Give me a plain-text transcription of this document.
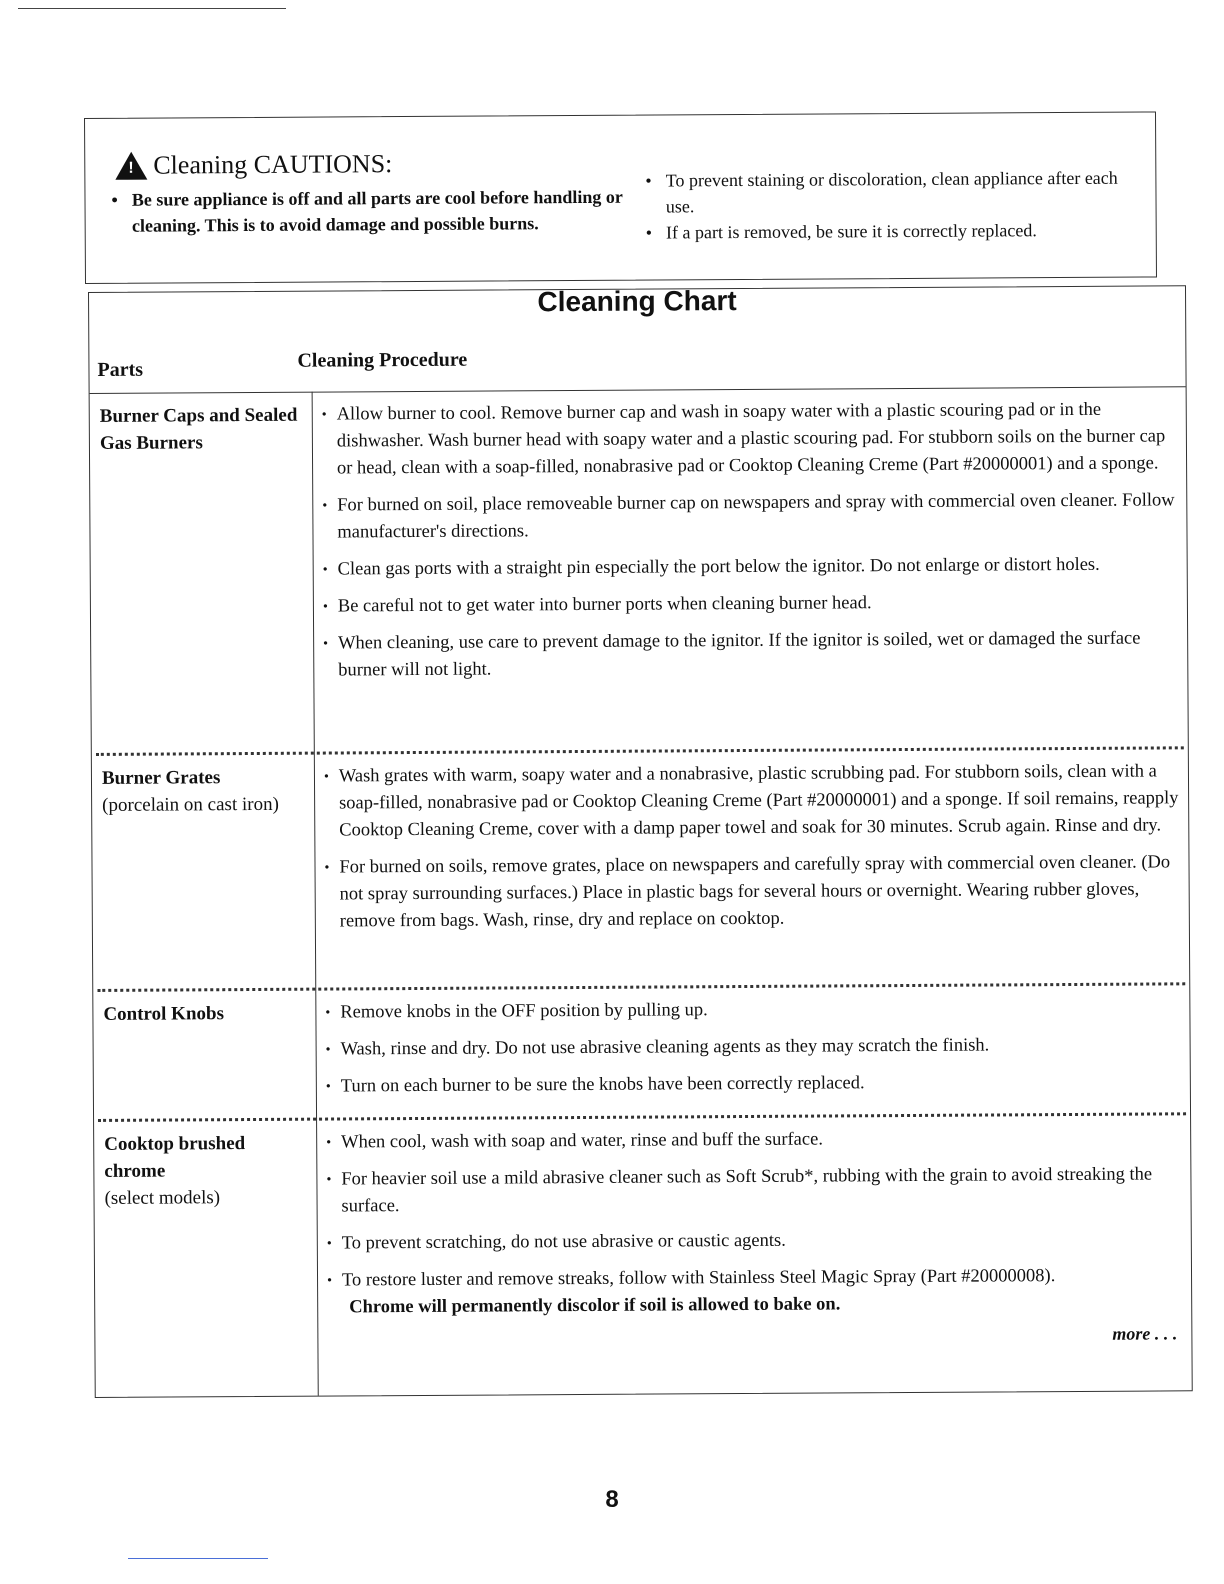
!
Cleaning CAUTIONS:
• Be sure appliance is off and all parts are cool before handling or cleaning. This is to avoid damage and possible burns.
• To prevent staining or discoloration, clean appliance after each use.
• If a part is removed, be sure it is correctly replaced.
Cleaning Chart
Parts	Cleaning Procedure
Burner Caps and Sealed Gas Burners
• Allow burner to cool. Remove burner cap and wash in soapy water with a plastic scouring pad or in the dishwasher. Wash burner head with soapy water and a plastic scouring pad. For stubborn soils on the burner cap or head, clean with a soap-filled, nonabrasive pad or Cooktop Cleaning Creme (Part #20000001) and a sponge.
• For burned on soil, place removeable burner cap on newspapers and spray with commercial oven cleaner. Follow manufacturer's directions.
• Clean gas ports with a straight pin especially the port below the ignitor. Do not enlarge or distort holes.
• Be careful not to get water into burner ports when cleaning burner head.
• When cleaning, use care to prevent damage to the ignitor. If the ignitor is soiled, wet or damaged the surface burner will not light.
Burner Grates
(porcelain on cast iron)
• Wash grates with warm, soapy water and a nonabrasive, plastic scrubbing pad. For stubborn soils, clean with a soap-filled, nonabrasive pad or Cooktop Cleaning Creme (Part #20000001) and a sponge. If soil remains, reapply Cooktop Cleaning Creme, cover with a damp paper towel and soak for 30 minutes. Scrub again. Rinse and dry.
• For burned on soils, remove grates, place on newspapers and carefully spray with commercial oven cleaner. (Do not spray surrounding surfaces.) Place in plastic bags for several hours or overnight. Wearing rubber gloves, remove from bags. Wash, rinse, dry and replace on cooktop.
Control Knobs	• Remove knobs in the OFF position by pulling up.
• Wash, rinse and dry. Do not use abrasive cleaning agents as they may scratch the finish.
• Turn on each burner to be sure the knobs have been correctly replaced.
Cooktop brushed chrome
(select models)
• When cool, wash with soap and water, rinse and buff the surface.
• For heavier soil use a mild abrasive cleaner such as Soft Scrub*, rubbing with the grain to avoid streaking the surface.
• To prevent scratching, do not use abrasive or caustic agents.
• To restore luster and remove streaks, follow with Stainless Steel Magic Spray (Part #20000008).
Chrome will permanently discolor if soil is allowed to bake on.
more . . .
8
